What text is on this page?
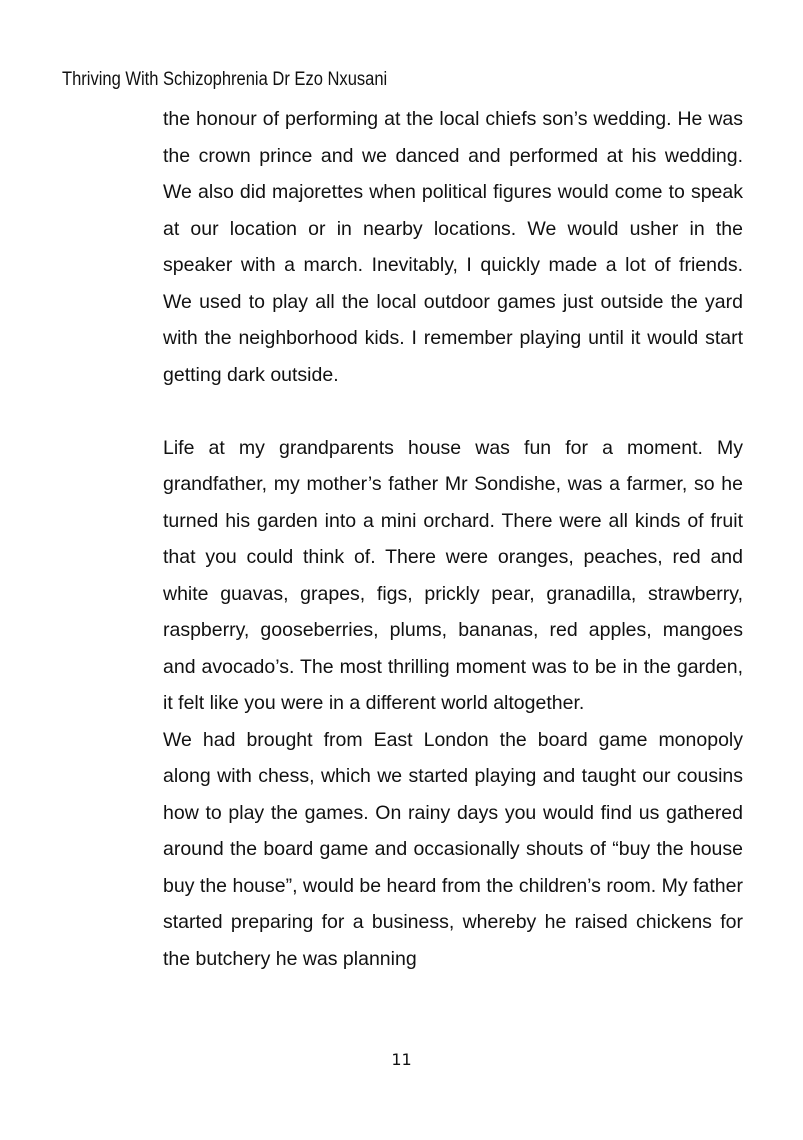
Thriving With Schizophrenia Dr Ezo Nxusani

the honour of performing at the local chiefs son’s wedding. He was the crown prince and we danced and performed at his wedding. We also did majorettes when political figures would come to speak at our location or in nearby locations. We would usher in the speaker with a march. Inevitably, I quickly made a lot of friends. We used to play all the local outdoor games just outside the yard with the neighborhood kids. I remember playing until it would start getting dark outside.

Life at my grandparents house was fun for a moment. My grandfather, my mother’s father Mr Sondishe, was a farmer, so he turned his garden into a mini orchard. There were all kinds of fruit that you could think of. There were oranges, peaches, red and white guavas, grapes, figs, prickly pear, granadilla, strawberry, raspberry, gooseberries, plums, bananas, red apples, mangoes and avocado’s. The most thrilling moment was to be in the garden, it felt like you were in a different world altogether.

We had brought from East London the board game monopoly along with chess, which we started playing and taught our cousins how to play the games. On rainy days you would find us gathered around the board game and occasionally shouts of “buy the house buy the house”, would be heard from the children’s room. My father started preparing for a business, whereby he raised chickens for the butchery he was planning

11
